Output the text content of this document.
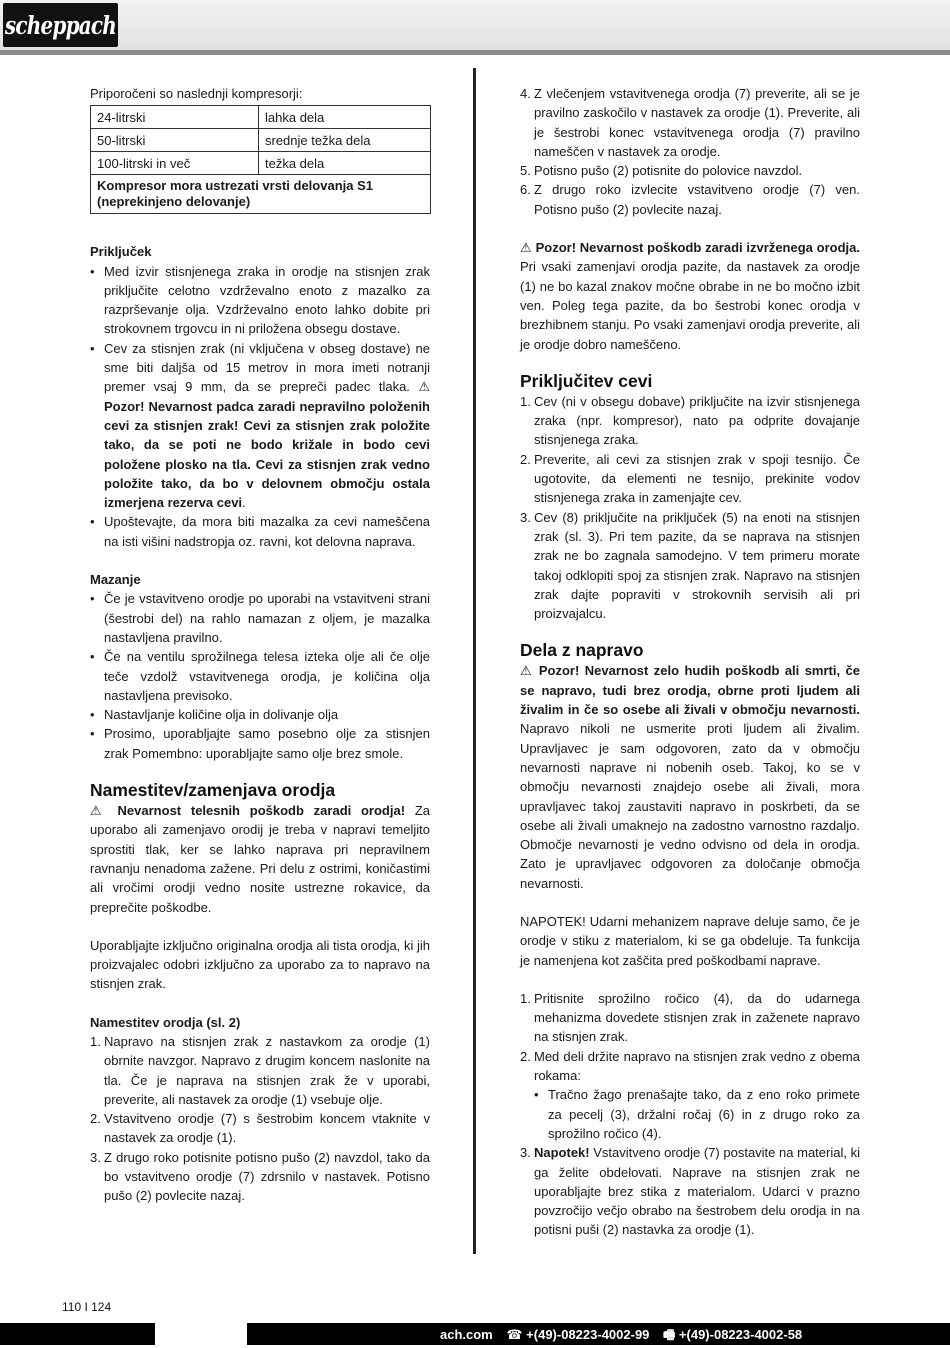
scheppach

Priporočeni so naslednji kompresorji:

24-litrski	lahka dela
50-litrski	srednje težka dela
100-litrski in več	težka dela
Kompresor mora ustrezati vrsti delovanja S1 (neprekinjeno delovanje)	

Priključek

• Med izvir stisnjenega zraka in orodje na stisnjen zrak priključite celotno vzdrževalno enoto z mazalko za razprševanje olja. Vzdrževalno enoto lahko dobite pri strokovnem trgovcu in ni priložena obsegu dostave.
• Cev za stisnjen zrak (ni vključena v obseg dostave) ne sme biti daljša od 15 metrov in mora imeti notranji premer vsaj 9 mm, da se prepreči padec tlaka. ⚠ Pozor! Nevarnost padca zaradi nepravilno položenih cevi za stisnjen zrak! Cevi za stisnjen zrak položite tako, da se poti ne bodo križale in bodo cevi položene plosko na tla. Cevi za stisnjen zrak vedno položite tako, da bo v delovnem območju ostala izmerjena rezerva cevi.
• Upoštevajte, da mora biti mazalka za cevi nameščena na isti višini nadstropja oz. ravni, kot delovna naprava.

Mazanje

• Če je vstavitveno orodje po uporabi na vstavitveni strani (šestrobi del) na rahlo namazan z oljem, je mazalka nastavljena pravilno.
• Če na ventilu sprožilnega telesa izteka olje ali če olje teče vzdolž vstavitvenega orodja, je količina olja nastavljena previsoko.
• Nastavljanje količine olja in dolivanje olja
• Prosimo, uporabljajte samo posebno olje za stisnjen zrak Pomembno: uporabljajte samo olje brez smole.
Namestitev/zamenjava orodja

⚠ Nevarnost telesnih poškodb zaradi orodja! Za uporabo ali zamenjavo orodij je treba v napravi temeljito sprostiti tlak, ker se lahko naprava pri nepravilnem ravnanju nenadoma zažene. Pri delu z ostrimi, koničastimi ali vročimi orodji vedno nosite ustrezne rokavice, da preprečite poškodbe.

Uporabljajte izključno originalna orodja ali tista orodja, ki jih proizvajalec odobri izključno za uporabo za to napravo na stisnjen zrak.

Namestitev orodja (sl. 2)

1. Napravo na stisnjen zrak z nastavkom za orodje (1) obrnite navzgor. Napravo z drugim koncem naslonite na tla. Če je naprava na stisnjen zrak že v uporabi, preverite, ali nastavek za orodje (1) vsebuje olje.
2. Vstavitveno orodje (7) s šestrobim koncem vtaknite v nastavek za orodje (1).
3. Z drugo roko potisnite potisno pušo (2) navzdol, tako da bo vstavitveno orodje (7) zdrsnilo v nastavek. Potisno pušo (2) povlecite nazaj.
4. Z vlečenjem vstavitvenega orodja (7) preverite, ali se je pravilno zaskočilo v nastavek za orodje (1). Preverite, ali je šestrobi konec vstavitvenega orodja (7) pravilno nameščen v nastavek za orodje.
5. Potisno pušo (2) potisnite do polovice navzdol.
6. Z drugo roko izvlecite vstavitveno orodje (7) ven. Potisno pušo (2) povlecite nazaj.

⚠ Pozor! Nevarnost poškodb zaradi izvrženega orodja. Pri vsaki zamenjavi orodja pazite, da nastavek za orodje (1) ne bo kazal znakov močne obrabe in ne bo močno izbit ven. Poleg tega pazite, da bo šestrobi konec orodja v brezhibnem stanju. Po vsaki zamenjavi orodja preverite, ali je orodje dobro nameščeno.

Priključitev cevi
1. Cev (ni v obsegu dobave) priključite na izvir stisnjenega zraka (npr. kompresor), nato pa odprite dovajanje stisnjenega zraka.
2. Preverite, ali cevi za stisnjen zrak v spoji tesnijo. Če ugotovite, da elementi ne tesnijo, prekinite vodov stisnjenega zraka in zamenjajte cev.
3. Cev (8) priključite na priključek (5) na enoti na stisnjen zrak (sl. 3). Pri tem pazite, da se naprava na stisnjen zrak ne bo zagnala samodejno. V tem primeru morate takoj odklopiti spoj za stisnjen zrak. Napravo na stisnjen zrak dajte popraviti v strokovnih servisih ali pri proizvajalcu.
Dela z napravo

⚠ Pozor! Nevarnost zelo hudih poškodb ali smrti, če se napravo, tudi brez orodja, obrne proti ljudem ali živalim in če so osebe ali živali v območju nevarnosti. Napravo nikoli ne usmerite proti ljudem ali živalim. Upravljavec je sam odgovoren, zato da v območju nevarnosti naprave ni nobenih oseb. Takoj, ko se v območju nevarnosti znajdejo osebe ali živali, mora upravljavec takoj zaustaviti napravo in poskrbeti, da se osebe ali živali umaknejo na zadostno varnostno razdaljo. Območje nevarnosti je vedno odvisno od dela in orodja. Zato je upravljavec odgovoren za določanje območja nevarnosti.

NAPOTEK! Udarni mehanizem naprave deluje samo, če je orodje v stiku z materialom, ki se ga obdeluje. Ta funkcija je namenjena kot zaščita pred poškodbami naprave.

1. Pritisnite sprožilno ročico (4), da do udarnega mehanizma dovedete stisnjen zrak in zaženete napravo na stisnjen zrak.
2. Med deli držite napravo na stisnjen zrak vedno z obema rokama:
• Tračno žago prenašajte tako, da z eno roko primete za pecelj (3), držalni ročaj (6) in z drugo roko za sprožilno ročico (4).
3. Napotek! Vstavitveno orodje (7) postavite na material, ki ga želite obdelovati. Naprave na stisnjen zrak ne uporabljajte brez stika z materialom. Udarci v prazno povzročijo večjo obrabo na šestrobem delu orodja in na potisni puši (2) nastavka za orodje (1).
110 I 124
ach.com ☎ +(49)-08223-4002-99 🖷 +(49)-08223-4002-58
